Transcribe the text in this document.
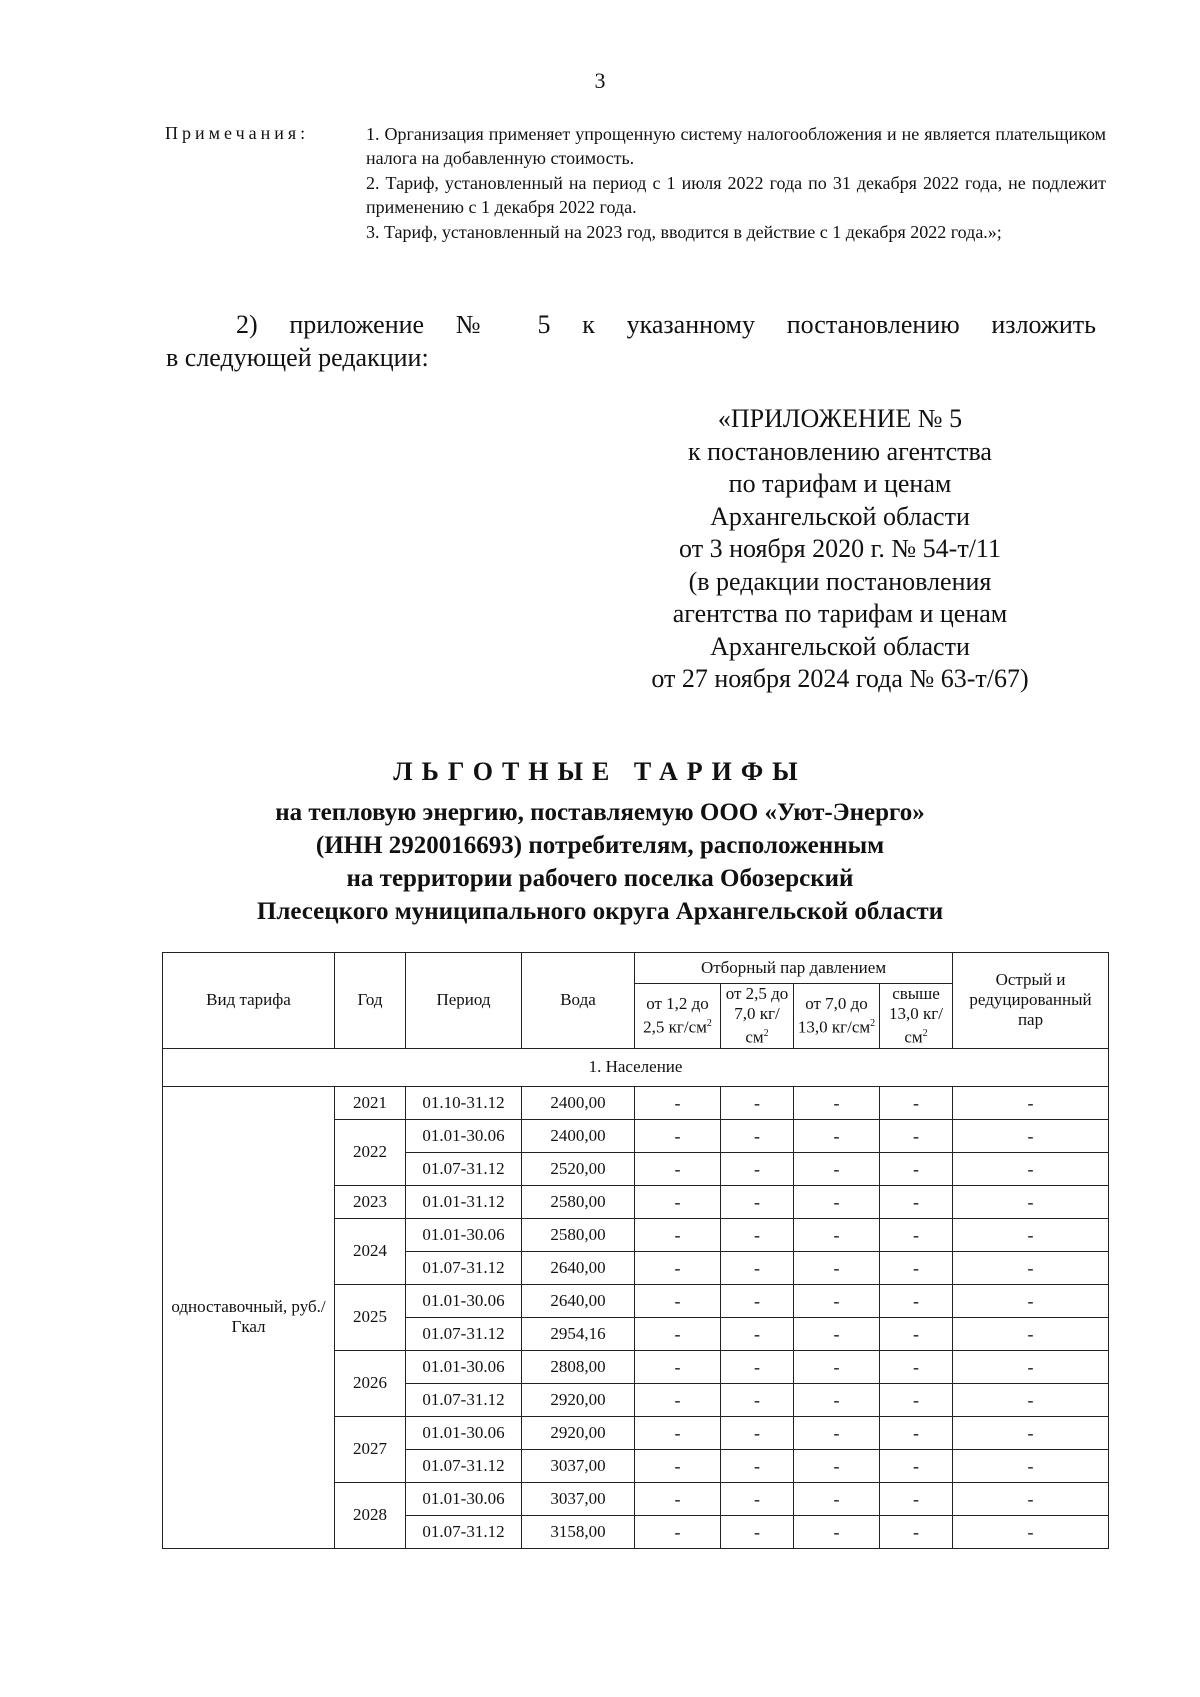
3
Примечания:	1. Организация применяет упрощенную систему налогообложения и не является плательщиком налога на добавленную стоимость.
2. Тариф, установленный на период с 1 июля 2022 года по 31 декабря 2022 года, не подлежит применению с 1 декабря 2022 года.
3. Тариф, установленный на 2023 год, вводится в действие с 1 декабря 2022 года.»;
2) приложение № 5 к указанному постановлению изложить
в следующей редакции:
«ПРИЛОЖЕНИЕ № 5
к постановлению агентства
по тарифам и ценам
Архангельской области
от 3 ноября 2020 г. № 54-т/11
(в редакции постановления
агентства по тарифам и ценам
Архангельской области
от 27 ноября 2024 года № 63-т/67)
ЛЬГОТНЫЕ ТАРИФЫ
на тепловую энергию, поставляемую ООО «Уют-Энерго»
(ИНН 2920016693) потребителям, расположенным
на территории рабочего поселка Обозерский
Плесецкого муниципального округа Архангельской области
Вид тарифа	Год	Период	Вода	Отборный пар давлением				Острый и редуцированный пар
				от 1,2 до 2,5 $кг/см^2$	от 2,5 до 7,0 $кг/см^2$	от 7,0 до 13,0 $кг/см^2$	свыше 13,0 $кг/см^2$
1. Население								
одноставочный, руб./Гкал	2021	01.10-31.12	2400,00	-	-	-	-	-
	2022	01.01-30.06	2400,00	-	-	-	-	-
		01.07-31.12	2520,00	-	-	-	-	-
	2023	01.01-31.12	2580,00	-	-	-	-	-
	2024	01.01-30.06	2580,00	-	-	-	-	-
		01.07-31.12	2640,00	-	-	-	-	-
	2025	01.01-30.06	2640,00	-	-	-	-	-
		01.07-31.12	2954,16	-	-	-	-	-
	2026	01.01-30.06	2808,00	-	-	-	-	-
		01.07-31.12	2920,00	-	-	-	-	-
	2027	01.01-30.06	2920,00	-	-	-	-	-
		01.07-31.12	3037,00	-	-	-	-	-
	2028	01.01-30.06	3037,00	-	-	-	-	-
		01.07-31.12	3158,00	-	-	-	-	-
